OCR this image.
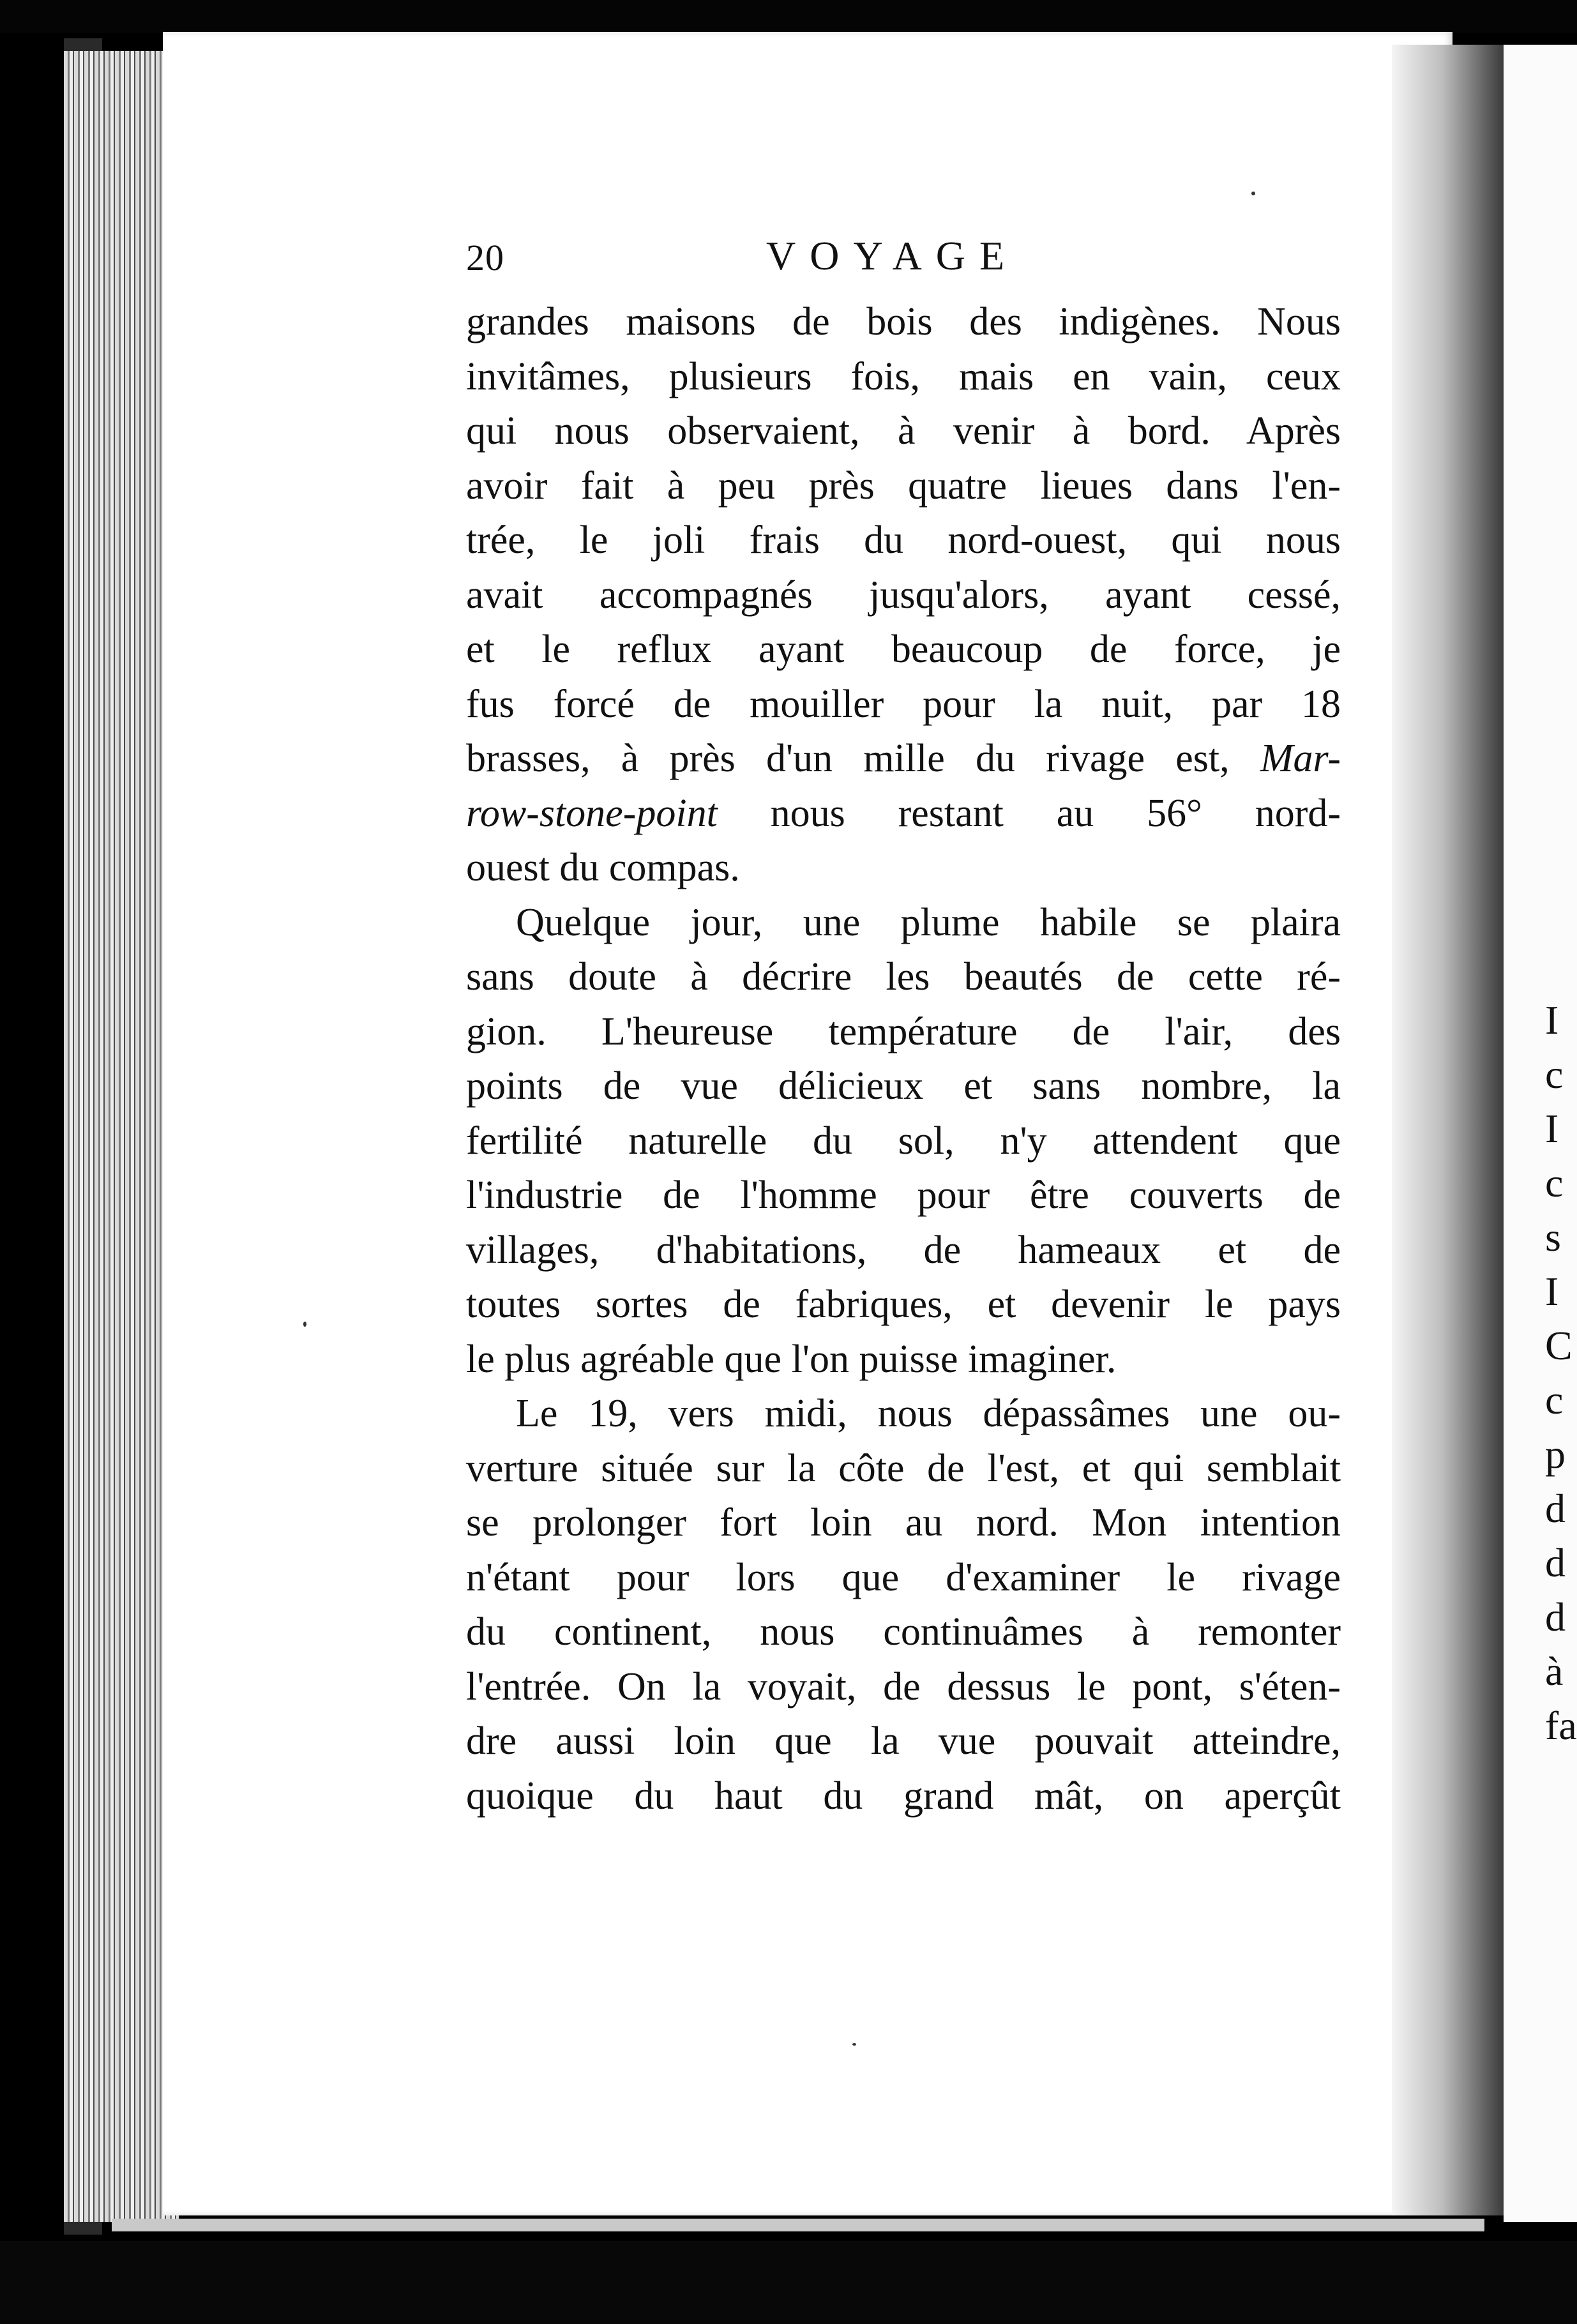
I
c
I
c
s
I
C
c
p
d
d
d
à
fa
20	VOYAGE

grandes maisons de bois des indigènes. Nous
invitâmes, plusieurs fois, mais en vain, ceux
qui nous observaient, à venir à bord. Après
avoir fait à peu près quatre lieues dans l'en-
trée, le joli frais du nord-ouest, qui nous
avait accompagnés jusqu'alors, ayant cessé,
et le reflux ayant beaucoup de force, je
fus forcé de mouiller pour la nuit, par 18
brasses, à près d'un mille du rivage est, Mar-
row-stone-point nous restant au 56° nord-
ouest du compas.

Quelque jour, une plume habile se plaira
sans doute à décrire les beautés de cette ré-
gion. L'heureuse température de l'air, des
points de vue délicieux et sans nombre, la
fertilité naturelle du sol, n'y attendent que
l'industrie de l'homme pour être couverts de
villages, d'habitations, de hameaux et de
toutes sortes de fabriques, et devenir le pays
le plus agréable que l'on puisse imaginer.

Le 19, vers midi, nous dépassâmes une ou-
verture située sur la côte de l'est, et qui semblait
se prolonger fort loin au nord. Mon intention
n'étant pour lors que d'examiner le rivage
du continent, nous continuâmes à remonter
l'entrée. On la voyait, de dessus le pont, s'éten-
dre aussi loin que la vue pouvait atteindre,
quoique du haut du grand mât, on aperçût
